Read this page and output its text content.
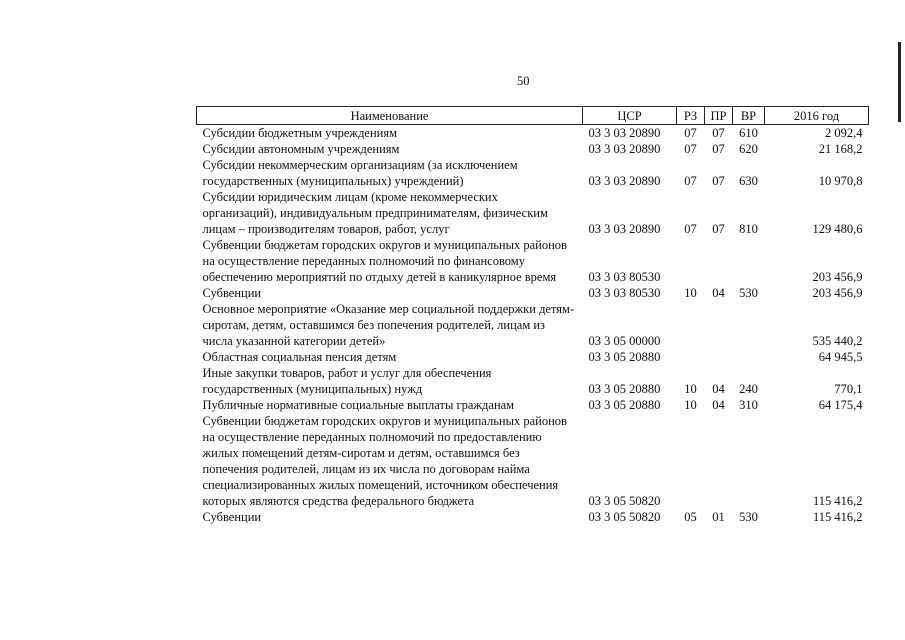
50
Наименование	ЦСР	РЗ	ПР	ВР	2016 год
Субсидии бюджетным учреждениям	03 3 03 20890	07	07	610	2 092,4
Субсидии автономным учреждениям	03 3 03 20890	07	07	620	21 168,2
Субсидии некоммерческим организациям (за исключением государственных (муниципальных) учреждений)	03 3 03 20890	07	07	630	10 970,8
Субсидии юридическим лицам (кроме некоммерческих организаций), индивидуальным предпринимателям, физическим лицам – производителям товаров, работ, услуг	03 3 03 20890	07	07	810	129 480,6
Субвенции бюджетам городских округов и муниципальных районов на осуществление переданных полномочий по финансовому обеспечению мероприятий по отдыху детей в каникулярное время	03 3 03 80530				203 456,9
Субвенции	03 3 03 80530	10	04	530	203 456,9
Основное мероприятие «Оказание мер социальной поддержки детям-сиротам, детям, оставшимся без попечения родителей, лицам из числа указанной категории детей»	03 3 05 00000				535 440,2
Областная социальная пенсия детям	03 3 05 20880				64 945,5
Иные закупки товаров, работ и услуг для обеспечения государственных (муниципальных) нужд	03 3 05 20880	10	04	240	770,1
Публичные нормативные социальные выплаты гражданам	03 3 05 20880	10	04	310	64 175,4
Субвенции бюджетам городских округов и муниципальных районов на осуществление переданных полномочий по предоставлению жилых помещений детям-сиротам и детям, оставшимся без попечения родителей, лицам из их числа по договорам найма специализированных жилых помещений, источником обеспечения которых являются средства федерального бюджета	03 3 05 50820				115 416,2
Субвенции	03 3 05 50820	05	01	530	115 416,2
